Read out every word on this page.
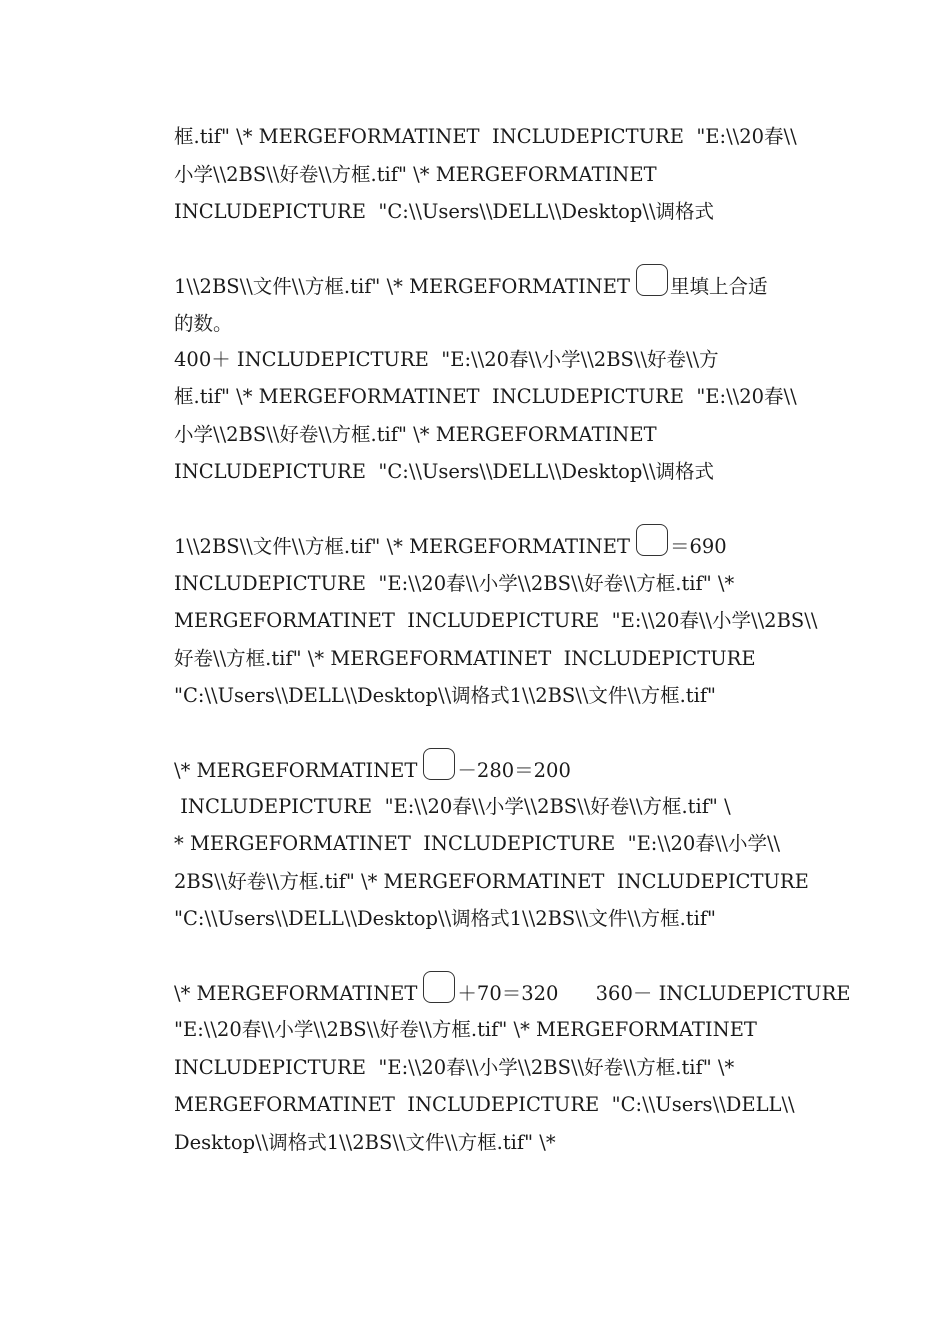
框.tif" \* MERGEFORMATINET  INCLUDEPICTURE  "E:\\20春\\
小学\\2BS\\好卷\\方框.tif" \* MERGEFORMATINET
INCLUDEPICTURE  "C:\\Users\\DELL\\Desktop\\调格式
1\\2BS\\文件\\方框.tif" \* MERGEFORMATINET 里填上合适
的数。
400＋ INCLUDEPICTURE  "E:\\20春\\小学\\2BS\\好卷\\方
框.tif" \* MERGEFORMATINET  INCLUDEPICTURE  "E:\\20春\\
小学\\2BS\\好卷\\方框.tif" \* MERGEFORMATINET
INCLUDEPICTURE  "C:\\Users\\DELL\\Desktop\\调格式
1\\2BS\\文件\\方框.tif" \* MERGEFORMATINET ＝690
INCLUDEPICTURE  "E:\\20春\\小学\\2BS\\好卷\\方框.tif" \*
MERGEFORMATINET  INCLUDEPICTURE  "E:\\20春\\小学\\2BS\\
好卷\\方框.tif" \* MERGEFORMATINET  INCLUDEPICTURE
"C:\\Users\\DELL\\Desktop\\调格式1\\2BS\\文件\\方框.tif"
\* MERGEFORMATINET －280＝200
INCLUDEPICTURE  "E:\\20春\\小学\\2BS\\好卷\\方框.tif" \
* MERGEFORMATINET  INCLUDEPICTURE  "E:\\20春\\小学\\
2BS\\好卷\\方框.tif" \* MERGEFORMATINET  INCLUDEPICTURE
"C:\\Users\\DELL\\Desktop\\调格式1\\2BS\\文件\\方框.tif"
\* MERGEFORMATINET ＋70＝320      360－ INCLUDEPICTURE
"E:\\20春\\小学\\2BS\\好卷\\方框.tif" \* MERGEFORMATINET
INCLUDEPICTURE  "E:\\20春\\小学\\2BS\\好卷\\方框.tif" \*
MERGEFORMATINET  INCLUDEPICTURE  "C:\\Users\\DELL\\
Desktop\\调格式1\\2BS\\文件\\方框.tif" \*
